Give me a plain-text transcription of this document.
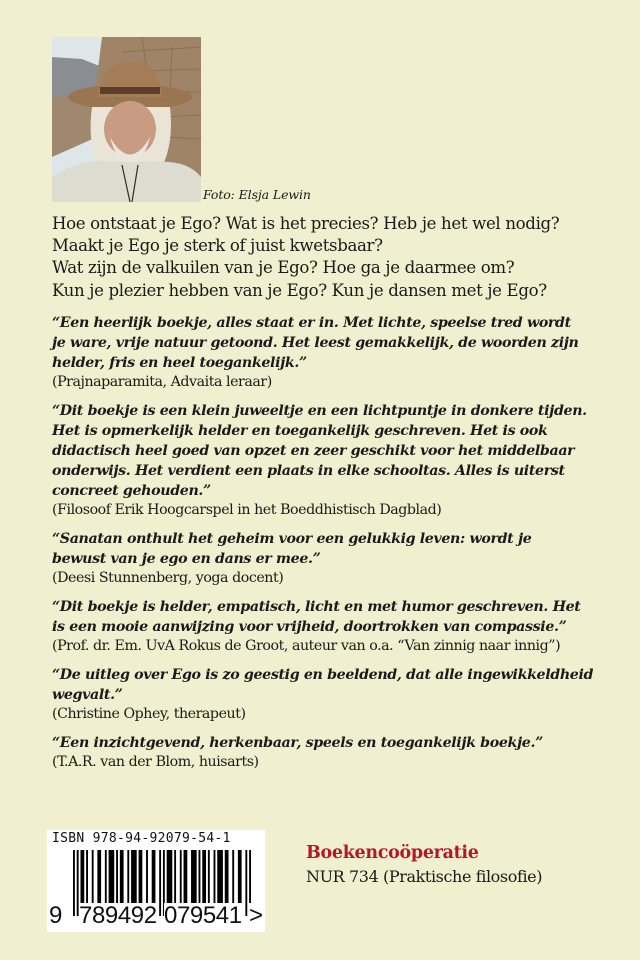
Foto: Elsja Lewin
Hoe ontstaat je Ego? Wat is het precies? Heb je het wel nodig?
Maakt je Ego je sterk of juist kwetsbaar?
Wat zijn de valkuilen van je Ego? Hoe ga je daarmee om?
Kun je plezier hebben van je Ego? Kun je dansen met je Ego?
“Een heerlijk boekje, alles staat er in. Met lichte, speelse tred wordt
je ware, vrije natuur getoond. Het leest gemakkelijk, de woorden zijn
helder, fris en heel toegankelijk.”
(Prajnaparamita, Advaita leraar)
“Dit boekje is een klein juweeltje en een lichtpuntje in donkere tijden.
Het is opmerkelijk helder en toegankelijk geschreven. Het is ook
didactisch heel goed van opzet en zeer geschikt voor het middelbaar
onderwijs. Het verdient een plaats in elke schooltas. Alles is uiterst
concreet gehouden.”
(Filosoof Erik Hoogcarspel in het Boeddhistisch Dagblad)
“Sanatan onthult het geheim voor een gelukkig leven: wordt je
bewust van je ego en dans er mee.”
(Deesi Stunnenberg, yoga docent)
“Dit boekje is helder, empatisch, licht en met humor geschreven. Het
is een mooie aanwijzing voor vrijheid, doortrokken van compassie.”
(Prof. dr. Em. UvA Rokus de Groot, auteur van o.a. “Van zinnig naar innig”)
“De uitleg over Ego is zo geestig en beeldend, dat alle ingewikkeldheid
wegvalt.”
(Christine Ophey, therapeut)
“Een inzichtgevend, herkenbaar, speels en toegankelijk boekje.”
(T.A.R. van der Blom, huisarts)
ISBN 978-94-92079-54-1
9 789492 079541 >
Boekencoöperatie
NUR 734 (Praktische filosofie)
